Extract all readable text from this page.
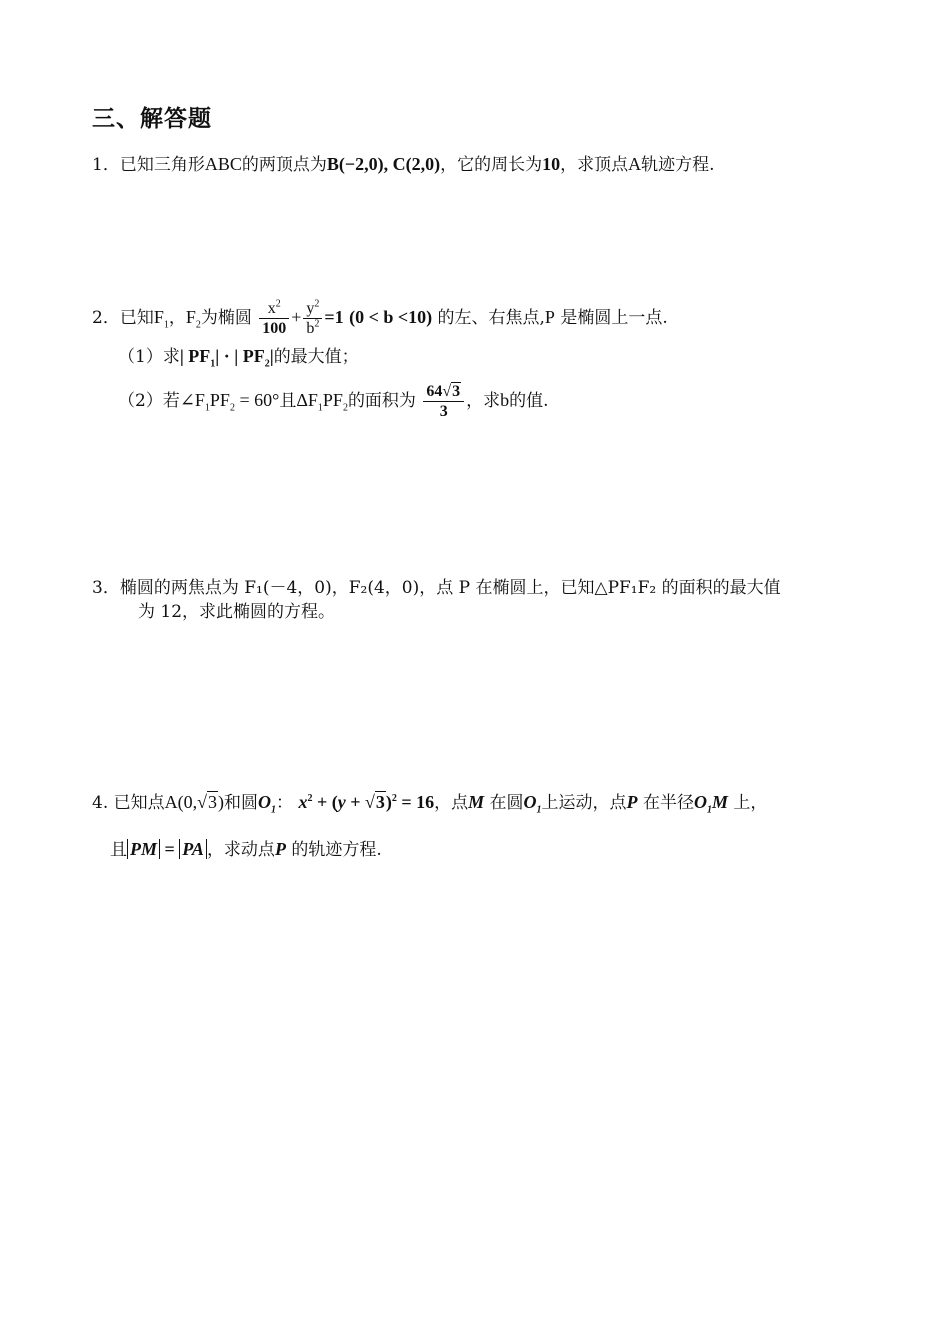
三、解答题
1．已知三角形ABC的两顶点为B(−2,0), C(2,0)，它的周长为10，求顶点A轨迹方程.
2．已知$F_1$，$F_2$为椭圆 $\frac{x^2}{100} + \frac{y^2}{b^2} =1$ (0 < b <10) 的左、右焦点,P 是椭圆上一点.
（1）求| $PF_1|$ · | $PF_2|$的最大值；
（2）若$\angle F_1PF_2 = 60^\circ$且$\Delta F_1PF_2$的面积为 $\frac{64√3}{3}$ ，求b的值.
3．椭圆的两焦点为 F₁(－4，0)，F₂(4，0)，点 P 在椭圆上，已知△PF₁F₂ 的面积的最大值
为 12，求此椭圆的方程。
4. 已知点A(0,√3)和圆$O_1$： $x^2 + (y + √3)^2 = 16$，点M 在圆$O_1$上运动，点P 在半径$O_1M$ 上，
且 PM = PA ，求动点P 的轨迹方程.
